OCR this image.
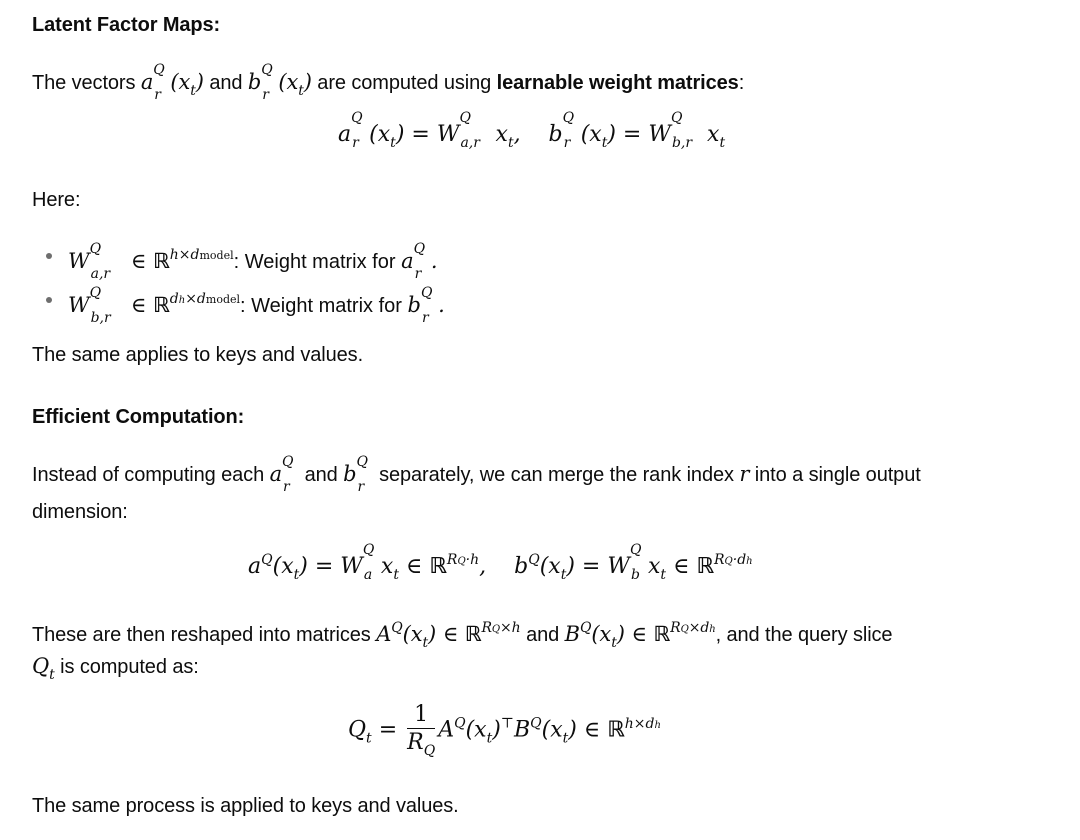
Latent Factor Maps:
The vectors a Q
r
$(x_t)$ and b Q
r
$(x_t)$ are computed using learnable weight matrices:
a
Q
r $(x_t) = W$
Q
a,r $x_t$,    b
Q
r $(x_t) = W$
Q
b,r $x_t$
Here:
W Q
a,r
∈ ℝ$^{h\times dmodel}$: Weight matrix for a Q
r
.
W Q
b,r
∈ ℝ$^{dh\times dmodel}$: Weight matrix for b Q
r
.
The same applies to keys and values.
Efficient Computation:
Instead of computing each a Q
r
and b Q
r
separately, we can merge the rank index r into a single output
dimension:
$a^Q(x_t) = W$
Q
a $x_t$ ∈ ℝ$^{RQ\cdot h}$,    $b^Q(x_t) = W$
Q
b $x_t$ ∈ ℝ$^{RQ\cdot dh}$
These are then reshaped into matrices $A^Q(x_t)$ ∈ ℝ$^{RQ\times h}$ and $B^Q(x_t)$ ∈ ℝ$^{RQ\times dh}$, and the query slice
$Q_t$ is computed as:
$Q_t = \frac{1}{R_Q} A^Q(x_t)^⊤B^Q(x_t)$ ∈ ℝ$^{h\times dh}$
The same process is applied to keys and values.
